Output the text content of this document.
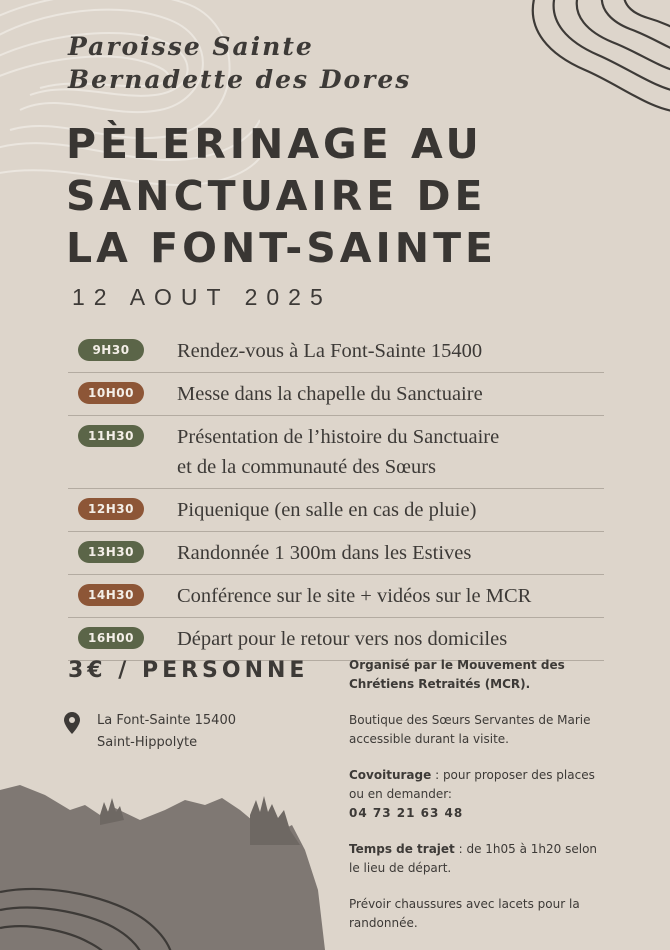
Paroisse Sainte
Bernadette des Dores
PÈLERINAGE AU
SANCTUAIRE DE
LA FONT-SAINTE
12 AOUT 2025
9H30	Rendez-vous à La Font-Sainte 15400
10H00	Messe dans la chapelle du Sanctuaire
11H30	Présentation de l’histoire du Sanctuaire
et de la communauté des Sœurs
12H30	Piquenique (en salle en cas de pluie)
13H30	Randonnée 1 300m dans les Estives
14H30	Conférence sur le site + vidéos sur le MCR
16H00	Départ pour le retour vers nos domiciles
3€ / PERSONNE
La Font-Sainte 15400
Saint-Hippolyte

Organisé par le Mouvement des Chrétiens Retraités (MCR).

Boutique des Sœurs Servantes de Marie accessible durant la visite.

Covoiturage : pour proposer des places ou en demander:
04 73 21 63 48

Temps de trajet : de 1h05 à 1h20 selon le lieu de départ.

Prévoir chaussures avec lacets pour la randonnée.
